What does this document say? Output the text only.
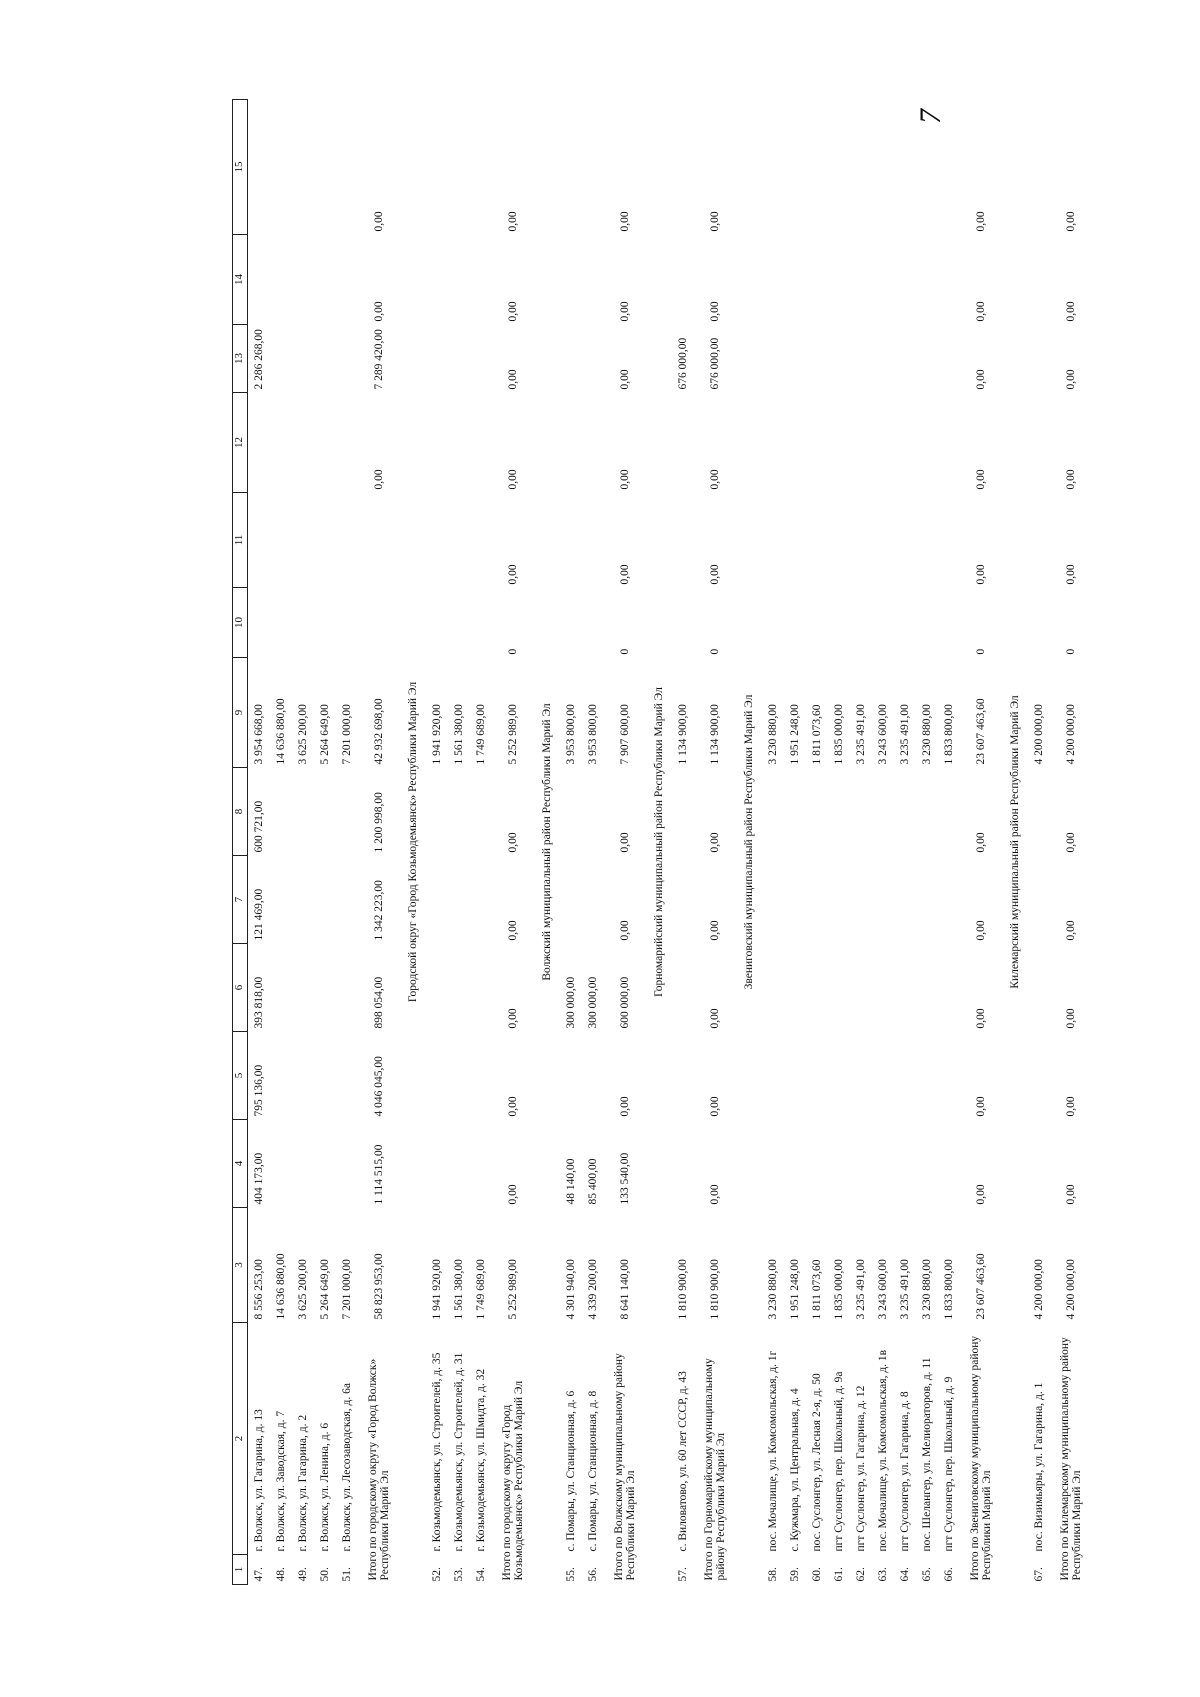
7
1	2	3	4	5	6	7	8	9	10	11	12	13	14	15
47.	г. Волжск, ул. Гагарина, д. 13	8 556 253,00	404 173,00	795 136,00	393 818,00	121 469,00	600 721,00	3 954 668,00				2 286 268,00		
48.	г. Волжск, ул. Заводская, д. 7	14 636 880,00						14 636 880,00						
49.	г. Волжск, ул. Гагарина, д. 2	3 625 200,00						3 625 200,00						
50.	г. Волжск, ул. Ленина, д. 6	5 264 649,00						5 264 649,00						
51.	г. Волжск, ул. Лесозаводская, д. 6а	7 201 000,00						7 201 000,00						
Итого по городскому округу «Город Волжск» Республики Марий Эл		58 823 953,00	1 114 515,00	4 046 045,00	898 054,00	1 342 223,00	1 200 998,00	42 932 698,00			0,00	7 289 420,00	0,00	0,00
Городской округ «Город Козьмодемьянск» Республики Марий Эл														
52.	г. Козьмодемьянск, ул. Строителей, д. 35	1 941 920,00						1 941 920,00						
53.	г. Козьмодемьянск, ул. Строителей, д. 31	1 561 380,00						1 561 380,00						
54.	г. Козьмодемьянск, ул. Шмидта, д. 32	1 749 689,00						1 749 689,00						
Итого по городскому округу «Город Козьмодемьянск» Республики Марий Эл		5 252 989,00	0,00	0,00	0,00	0,00	0,00	5 252 989,00	0	0,00	0,00	0,00	0,00	0,00
Волжский муниципальный район Республики Марий Эл														
55.	с. Помары, ул. Станционная, д. 6	4 301 940,00	48 140,00		300 000,00			3 953 800,00						
56.	с. Помары, ул. Станционная, д. 8	4 339 200,00	85 400,00		300 000,00			3 953 800,00						
Итого по Волжскому муниципальному району Республики Марий Эл		8 641 140,00	133 540,00	0,00	600 000,00	0,00	0,00	7 907 600,00	0	0,00	0,00	0,00	0,00	0,00
Горномарийский муниципальный район Республики Марий Эл														
57.	с. Виловатово, ул. 60 лет СССР, д. 43	1 810 900,00						1 134 900,00				676 000,00		
Итого по Горномарийскому муниципальному району Республики Марий Эл		1 810 900,00	0,00	0,00	0,00	0,00	0,00	1 134 900,00	0	0,00	0,00	676 000,00	0,00	0,00
Звениговский муниципальный район Республики Марий Эл														
58.	пос. Мочалище, ул. Комсомольская, д. 1г	3 230 880,00						3 230 880,00						
59.	с. Кужмара, ул. Центральная, д. 4	1 951 248,00						1 951 248,00						
60.	пос. Суслонгер, ул. Лесная 2-я, д. 50	1 811 073,60						1 811 073,60						
61.	пгт Суслонгер, пер. Школьный, д. 9а	1 835 000,00						1 835 000,00						
62.	пгт Суслонгер, ул. Гагарина, д. 12	3 235 491,00						3 235 491,00						
63.	пос. Мочалище, ул. Комсомольская, д. 1в	3 243 600,00						3 243 600,00						
64.	пгт Суслонгер, ул. Гагарина, д. 8	3 235 491,00						3 235 491,00						
65.	пос. Шелангер, ул. Мелиораторов, д. 11	3 230 880,00						3 230 880,00						
66.	пгт Суслонгер, пер. Школьный, д. 9	1 833 800,00						1 833 800,00						
Итого по Звениговскому муниципальному району Республики Марий Эл		23 607 463,60	0,00	0,00	0,00	0,00	0,00	23 607 463,60	0	0,00	0,00	0,00	0,00	0,00
Килемарский муниципальный район Республики Марий Эл														
67.	пос. Визимьяры, ул. Гагарина, д. 1	4 200 000,00						4 200 000,00						
Итого по Килемарскому муниципальному району Республики Марий Эл		4 200 000,00	0,00	0,00	0,00	0,00	0,00	4 200 000,00	0	0,00	0,00	0,00	0,00	0,00
